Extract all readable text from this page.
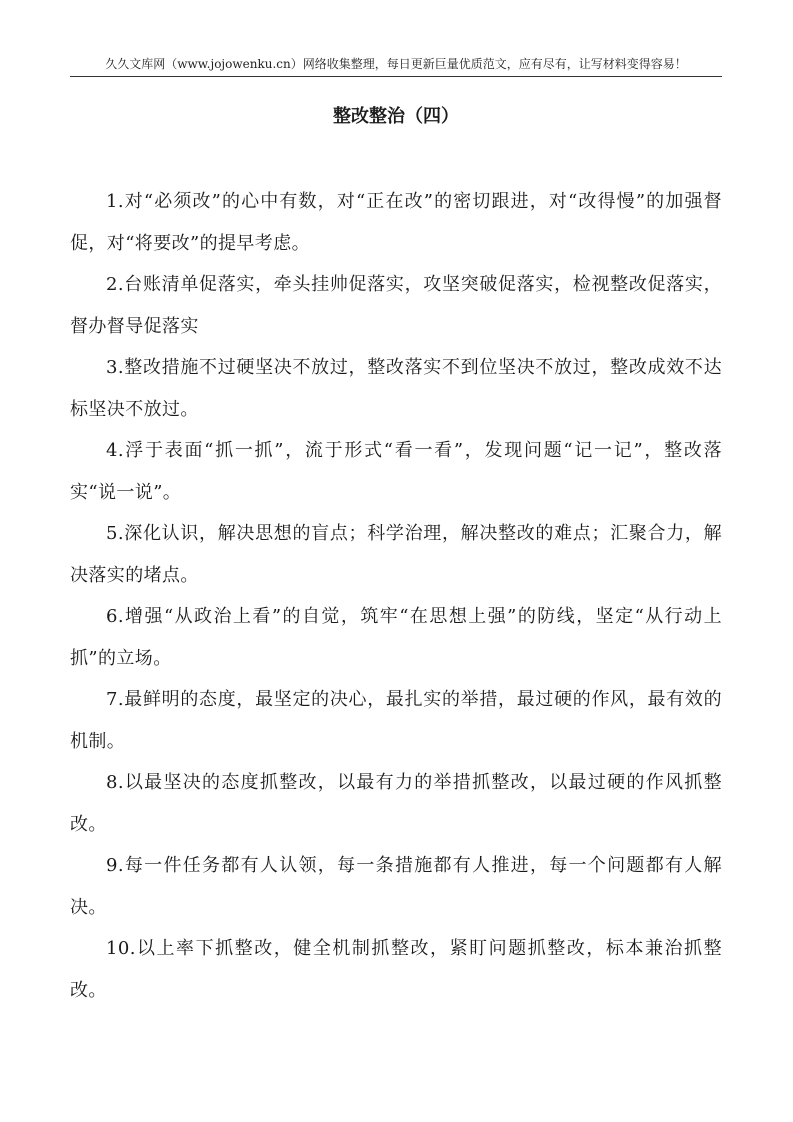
久久文库网（www.jojowenku.cn）网络收集整理，每日更新巨量优质范文，应有尽有，让写材料变得容易！
整改整治（四）

1.对“必须改”的心中有数，对“正在改”的密切跟进，对“改得慢”的加强督促，对“将要改”的提早考虑。

2.台账清单促落实，牵头挂帅促落实，攻坚突破促落实，检视整改促落实，督办督导促落实

3.整改措施不过硬坚决不放过，整改落实不到位坚决不放过，整改成效不达标坚决不放过。

4.浮于表面“抓一抓”，流于形式“看一看”，发现问题“记一记”，整改落实“说一说”。

5.深化认识，解决思想的盲点；科学治理，解决整改的难点；汇聚合力，解决落实的堵点。

6.增强“从政治上看”的自觉，筑牢“在思想上强”的防线，坚定“从行动上抓”的立场。

7.最鲜明的态度，最坚定的决心，最扎实的举措，最过硬的作风，最有效的机制。

8.以最坚决的态度抓整改，以最有力的举措抓整改，以最过硬的作风抓整改。

9.每一件任务都有人认领，每一条措施都有人推进，每一个问题都有人解决。

10.以上率下抓整改，健全机制抓整改，紧盯问题抓整改，标本兼治抓整改。
